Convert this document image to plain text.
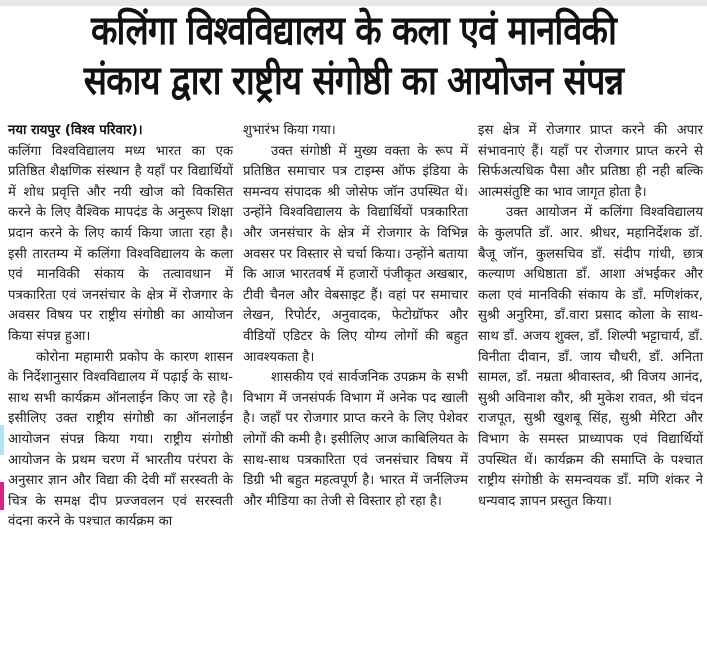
कलिंगा विश्वविद्यालय के कला एवं मानविकी
संकाय द्वारा राष्ट्रीय संगोष्ठी का आयोजन संपन्न

नया रायपुर (विश्व परिवार)।
कलिंगा विश्वविद्यालय मध्य भारत का एक प्रतिष्ठित शैक्षणिक संस्थान है यहाँ पर विद्यार्थियों में शोध प्रवृत्ति और नयी खोज को विकसित करने के लिए वैश्विक मापदंड के अनुरूप शिक्षा प्रदान करने के लिए कार्य किया जाता रहा है। इसी तारतम्य में कलिंगा विश्वविद्यालय के कला एवं मानविकी संकाय के तत्वावधान में पत्रकारिता एवं जनसंचार के क्षेत्र में रोजगार के अवसर विषय पर राष्ट्रीय संगोष्ठी का आयोजन किया संपन्न हुआ।

कोरोना महामारी प्रकोप के कारण शासन के निर्देशानुसार विश्वविद्यालय में पढ़ाई के साथ-साथ सभी कार्यक्रम ऑनलाईन किए जा रहे है। इसीलिए उक्त राष्ट्रीय संगोष्ठी का ऑनलाईन आयोजन संपन्न किया गया। राष्ट्रीय संगोष्ठी आयोजन के प्रथम चरण में भारतीय परंपरा के अनुसार ज्ञान और विद्या की देवी माँ सरस्वती के चित्र के समक्ष दीप प्रज्जवलन एवं सरस्वती वंदना करने के पश्चात कार्यक्रम का

शुभारंभ किया गया।

उक्त संगोष्ठी में मुख्य वक्ता के रूप में प्रतिष्ठित समाचार पत्र टाइम्स ऑफ इंडिया के समन्वय संपादक श्री जोसेफ जॉन उपस्थित थें। उन्होंने विश्वविद्यालय के विद्यार्थियों पत्रकारिता और जनसंचार के क्षेत्र में रोजगार के विभिन्न अवसर पर विस्तार से चर्चा किया। उन्होंने बताया कि आज भारतवर्ष में हजारों पंजीकृत अखबार, टीवी चैनल और वेबसाइट हैं। वहां पर समाचार लेखन, रिपोर्टर, अनुवादक, फेटोग्रॉफर और वीडियों एडिटर के लिए योग्य लोगों की बहुत आवश्यकता है।

शासकीय एवं सार्वजनिक उपक्रम के सभी विभाग में जनसंपर्क विभाग में अनेक पद खाली है। जहाँ पर रोजगार प्राप्त करने के लिए पेशेवर लोगों की कमी है। इसीलिए आज काबिलियत के साथ-साथ पत्रकारिता एवं जनसंचार विषय में डिग्री भी बहुत महत्वपूर्ण है। भारत में जर्नलिज्म और मीडिया का तेजी से विस्तार हो रहा है।

इस क्षेत्र में रोजगार प्राप्त करने की अपार संभावनाएं हैं। यहाँ पर रोजगार प्राप्त करने से सिर्फअत्यधिक पैसा और प्रतिष्ठा ही नही बल्कि आत्मसंतुष्टि का भाव जागृत होता है।

उक्त आयोजन में कलिंगा विश्वविद्यालय के कुलपति डॉं. आर. श्रीधर, महानिर्देशक डॉ. बैजू जॉन, कुलसचिव डॉं. संदीप गांधी, छात्र कल्याण अधिष्ठाता डॉं. आशा अंभईकर और कला एवं मानविकी संकाय के डॉं. मणिशंकर, सुश्री अनुरिमा, डॉं.वारा प्रसाद कोला के साथ-साथ डॉं. अजय शुक्ल, डॉं. शिल्पी भट्टाचार्य, डॉं. विनीता दीवान, डॉं. जाय चौधरी, डॉं. अनिता सामल, डॉं. नम्रता श्रीवास्तव, श्री विजय आनंद, सुश्री अविनाश कौर, श्री मुकेश रावत, श्री चंदन राजपूत, सुश्री खुशबू सिंह, सुश्री मेरिटा और विभाग के समस्त प्राध्यापक एवं विद्यार्थियों उपस्थित थें। कार्यक्रम की समाप्ति के पश्चात राष्ट्रीय संगोष्ठी के समन्वयक डॉं. मणि शंकर ने धन्यवाद ज्ञापन प्रस्तुत किया।
